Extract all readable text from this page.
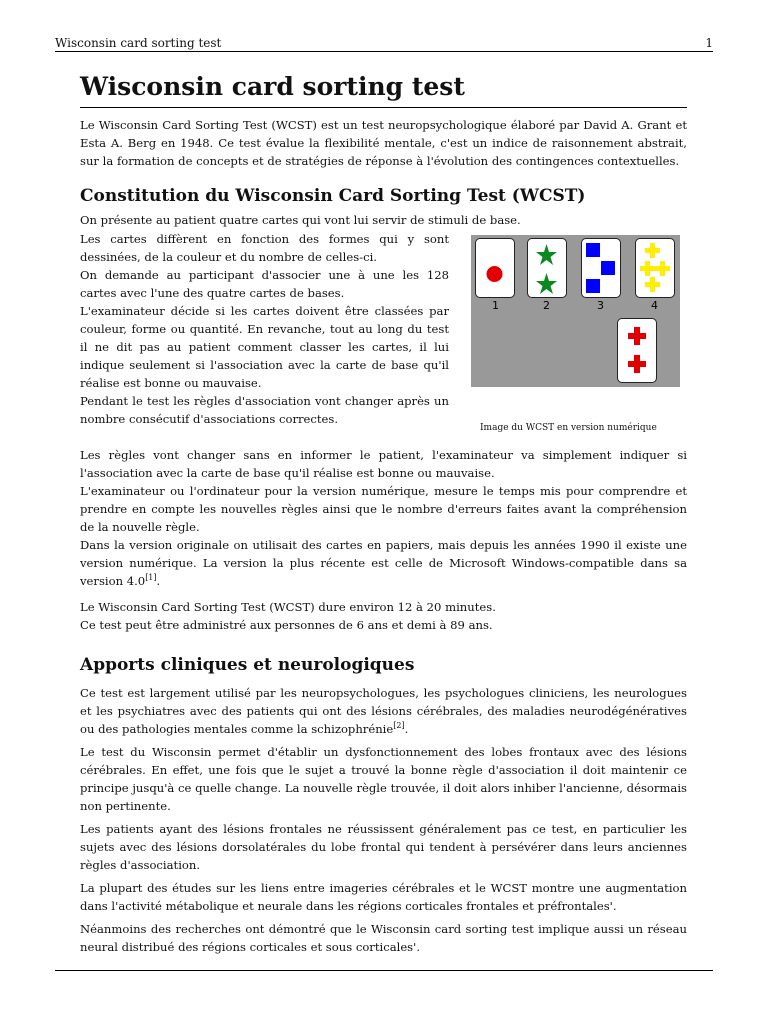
Wisconsin card sorting test	1
Wisconsin card sorting test

Le Wisconsin Card Sorting Test (WCST) est un test neuropsychologique élaboré par David A. Grant et Esta A. Berg en 1948. Ce test évalue la flexibilité mentale, c'est un indice de raisonnement abstrait, sur la formation de concepts et de stratégies de réponse à l'évolution des contingences contextuelles.

Constitution du Wisconsin Card Sorting Test (WCST)

On présente au patient quatre cartes qui vont lui servir de stimuli de base.

Les cartes diffèrent en fonction des formes qui y sont dessinées, de la couleur et du nombre de celles-ci.

On demande au participant d'associer une à une les 128 cartes avec l'une des quatre cartes de bases.

L'examinateur décide si les cartes doivent être classées par couleur, forme ou quantité. En revanche, tout au long du test il ne dit pas au patient comment classer les cartes, il lui indique seulement si l'association avec la carte de base qu'il réalise est bonne ou mauvaise.

Pendant le test les règles d'association vont changer après un nombre consécutif d'associations correctes.

1	2	3	4
Image du WCST en version numérique

Les règles vont changer sans en informer le patient, l'examinateur va simplement indiquer si l'association avec la carte de base qu'il réalise est bonne ou mauvaise.

L'examinateur ou l'ordinateur pour la version numérique, mesure le temps mis pour comprendre et prendre en compte les nouvelles règles ainsi que le nombre d'erreurs faites avant la compréhension de la nouvelle règle.

Dans la version originale on utilisait des cartes en papiers, mais depuis les années 1990 il existe une version numérique. La version la plus récente est celle de Microsoft Windows-compatible dans sa version 4.0[1].

Le Wisconsin Card Sorting Test (WCST) dure environ 12 à 20 minutes.

Ce test peut être administré aux personnes de 6 ans et demi à 89 ans.

Apports cliniques et neurologiques

Ce test est largement utilisé par les neuropsychologues, les psychologues cliniciens, les neurologues et les psychiatres avec des patients qui ont des lésions cérébrales, des maladies neurodégénératives ou des pathologies mentales comme la schizophrénie[2].

Le test du Wisconsin permet d'établir un dysfonctionnement des lobes frontaux avec des lésions cérébrales. En effet, une fois que le sujet a trouvé la bonne règle d'association il doit maintenir ce principe jusqu'à ce quelle change. La nouvelle règle trouvée, il doit alors inhiber l'ancienne, désormais non pertinente.

Les patients ayant des lésions frontales ne réussissent généralement pas ce test, en particulier les sujets avec des lésions dorsolatérales du lobe frontal qui tendent à persévérer dans leurs anciennes règles d'association.

La plupart des études sur les liens entre imageries cérébrales et le WCST montre une augmentation dans l'activité métabolique et neurale dans les régions corticales frontales et préfrontales'.

Néanmoins des recherches ont démontré que le Wisconsin card sorting test implique aussi un réseau neural distribué des régions corticales et sous corticales'.
